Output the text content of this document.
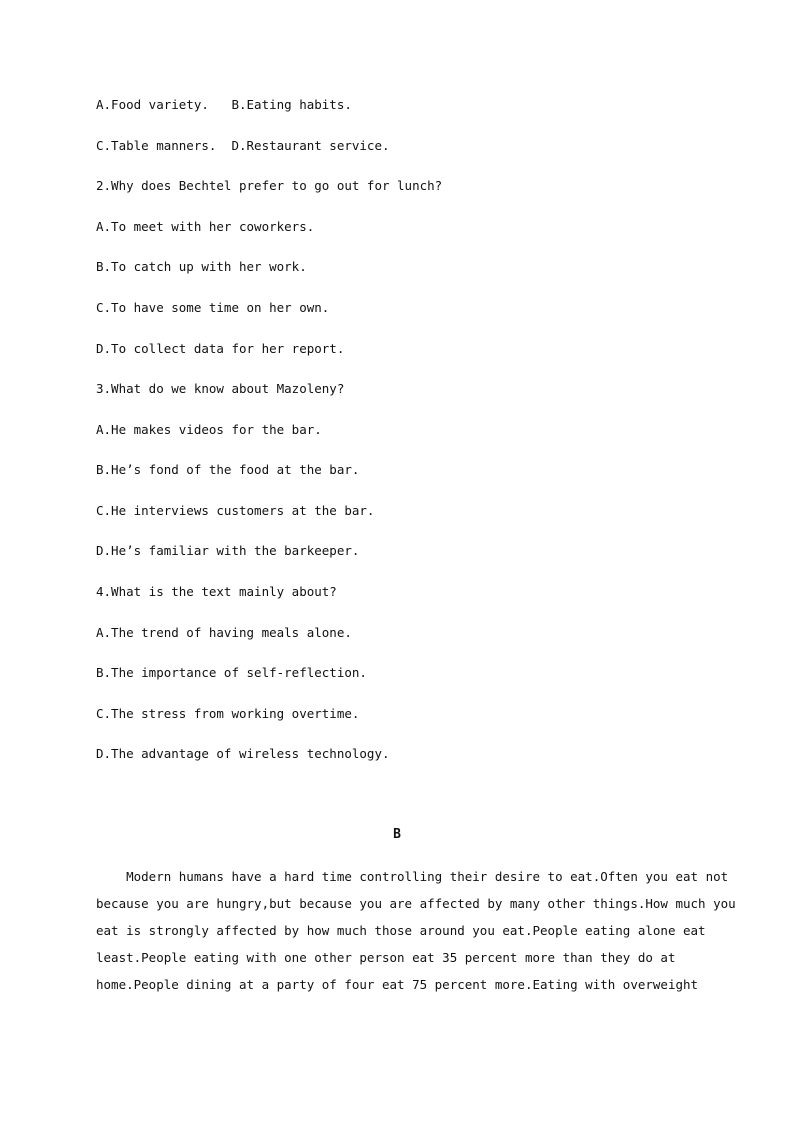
A.Food variety.   B.Eating habits.
C.Table manners.  D.Restaurant service.
2.Why does Bechtel prefer to go out for lunch?
A.To meet with her coworkers.
B.To catch up with her work.
C.To have some time on her own.
D.To collect data for her report.
3.What do we know about Mazoleny?
A.He makes videos for the bar.
B.He’s fond of the food at the bar.
C.He interviews customers at the bar.
D.He’s familiar with the barkeeper.
4.What is the text mainly about?
A.The trend of having meals alone.
B.The importance of self-reflection.
C.The stress from working overtime.
D.The advantage of wireless technology.
B
Modern humans have a hard time controlling their desire to eat.Often you eat not
because you are hungry,but because you are affected by many other things.How much you
eat is strongly affected by how much those around you eat.People eating alone eat
least.People eating with one other person eat 35 percent more than they do at
home.People dining at a party of four eat 75 percent more.Eating with overweight
